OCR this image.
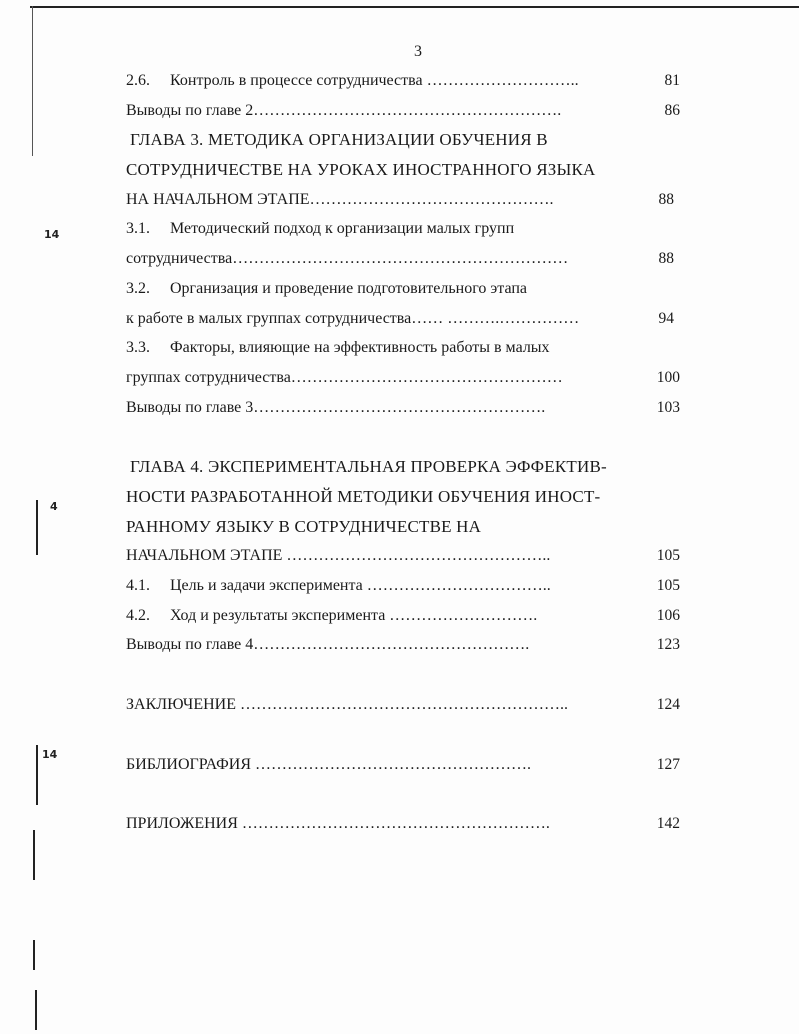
14
4
14
3
2.6. Контроль в процессе сотрудничества ………………………..	81
Выводы по главе 2………………………………………………….	86
ГЛАВА 3. МЕТОДИКА ОРГАНИЗАЦИИ ОБУЧЕНИЯ В
СОТРУДНИЧЕСТВЕ НА УРОКАХ ИНОСТРАННОГО ЯЗЫКА
НА НАЧАЛЬНОМ ЭТАПЕ……………………………………….	88
3.1. Методический подход к организации малых групп
сотрудничества………………………………………………………	88
3.2. Организация и проведение подготовительного этапа
к работе в малых группах сотрудничества…… ……….……………	94
3.3. Факторы, влияющие на эффективность работы в малых
группах сотрудничества……………………………………………	100
Выводы по главе 3……………………………………………….	103
ГЛАВА 4. ЭКСПЕРИМЕНТАЛЬНАЯ ПРОВЕРКА ЭФФЕКТИВ-
НОСТИ РАЗРАБОТАННОЙ МЕТОДИКИ ОБУЧЕНИЯ ИНОСТ-
РАННОМУ ЯЗЫКУ В СОТРУДНИЧЕСТВЕ НА
НАЧАЛЬНОМ ЭТАПЕ …………………………………………..	105
4.1. Цель и задачи эксперимента ……………………………..	105
4.2. Ход и результаты эксперимента ……………………….	106
Выводы по главе 4…………………………………………….	123
ЗАКЛЮЧЕНИЕ ……………………………………………………..	124
БИБЛИОГРАФИЯ …………………………………………….	127
ПРИЛОЖЕНИЯ ………………………………………………….	142
